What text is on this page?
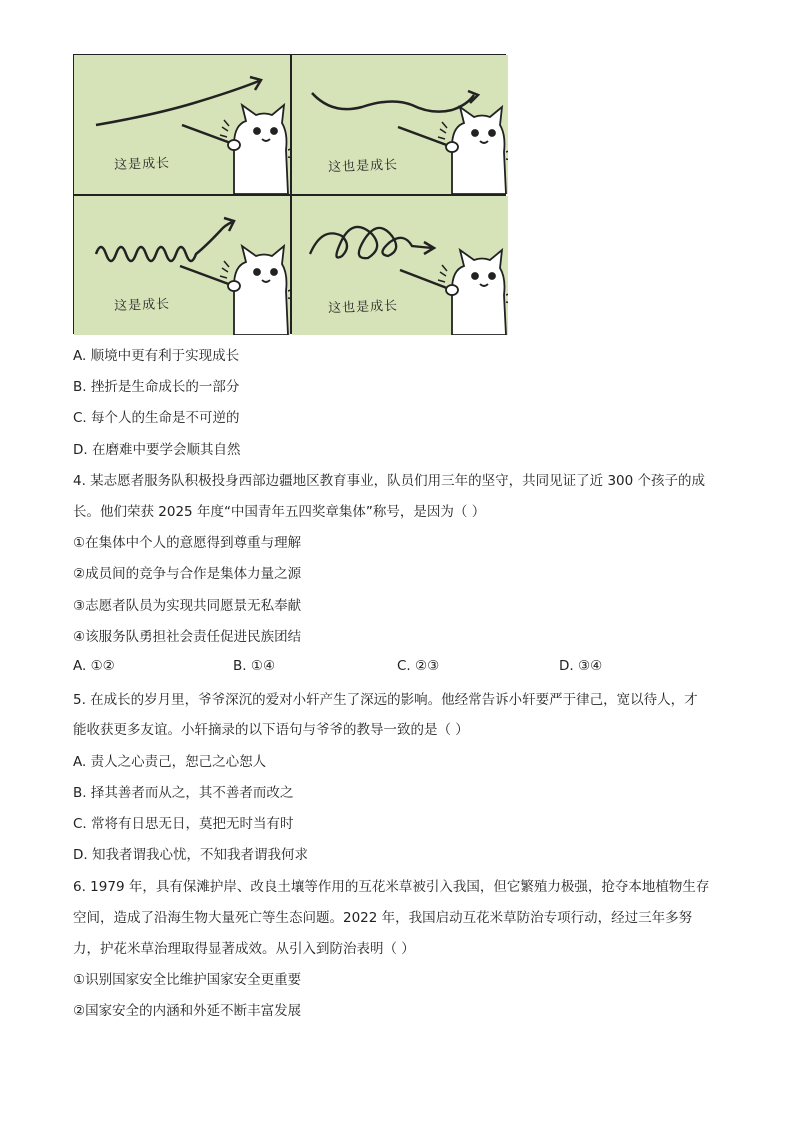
这是成长	这也是成长
这是成长	这也是成长
A. 顺境中更有利于实现成长
B. 挫折是生命成长的一部分
C. 每个人的生命是不可逆的
D. 在磨难中要学会顺其自然
4. 某志愿者服务队积极投身西部边疆地区教育事业，队员们用三年的坚守，共同见证了近 300 个孩子的成
长。他们荣获 2025 年度“中国青年五四奖章集体”称号，是因为（ ）
①在集体中个人的意愿得到尊重与理解
②成员间的竞争与合作是集体力量之源
③志愿者队员为实现共同愿景无私奉献
④该服务队勇担社会责任促进民族团结
A. ①②	B. ①④	C. ②③	D. ③④
5. 在成长的岁月里，爷爷深沉的爱对小轩产生了深远的影响。他经常告诉小轩要严于律己，宽以待人，才
能收获更多友谊。小轩摘录的以下语句与爷爷的教导一致的是（ ）
A. 责人之心责己，恕己之心恕人
B. 择其善者而从之，其不善者而改之
C. 常将有日思无日，莫把无时当有时
D. 知我者谓我心忧，不知我者谓我何求
6. 1979 年，具有保滩护岸、改良土壤等作用的互花米草被引入我国，但它繁殖力极强，抢夺本地植物生存
空间，造成了沿海生物大量死亡等生态问题。2022 年，我国启动互花米草防治专项行动，经过三年多努
力，护花米草治理取得显著成效。从引入到防治表明（ ）
①识别国家安全比维护国家安全更重要
②国家安全的内涵和外延不断丰富发展
